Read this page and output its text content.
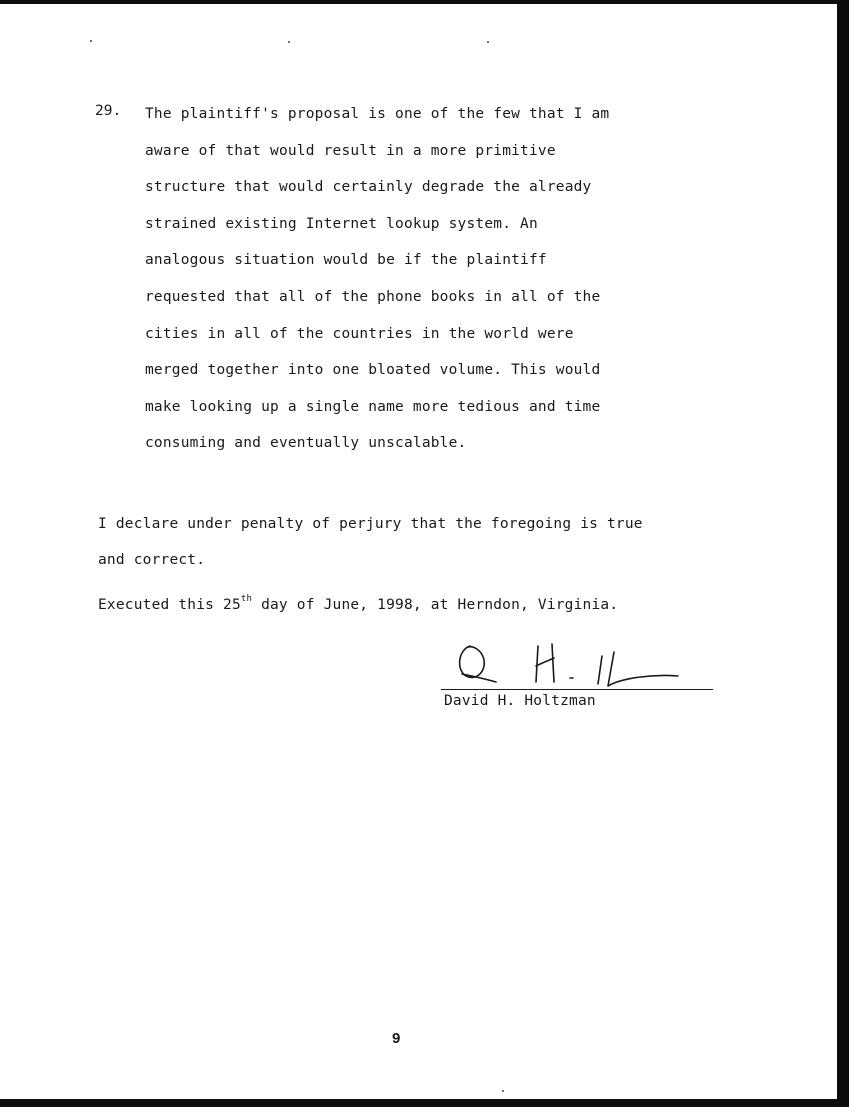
29. The plaintiff's proposal is one of the few that I am
aware of that would result in a more primitive
structure that would certainly degrade the already
strained existing Internet lookup system. An
analogous situation would be if the plaintiff
requested that all of the phone books in all of the
cities in all of the countries in the world were
merged together into one bloated volume. This would
make looking up a single name more tedious and time
consuming and eventually unscalable.
I declare under penalty of perjury that the foregoing is true
and correct.
Executed this 25th day of June, 1998, at Herndon, Virginia.
David H. Holtzman
9
